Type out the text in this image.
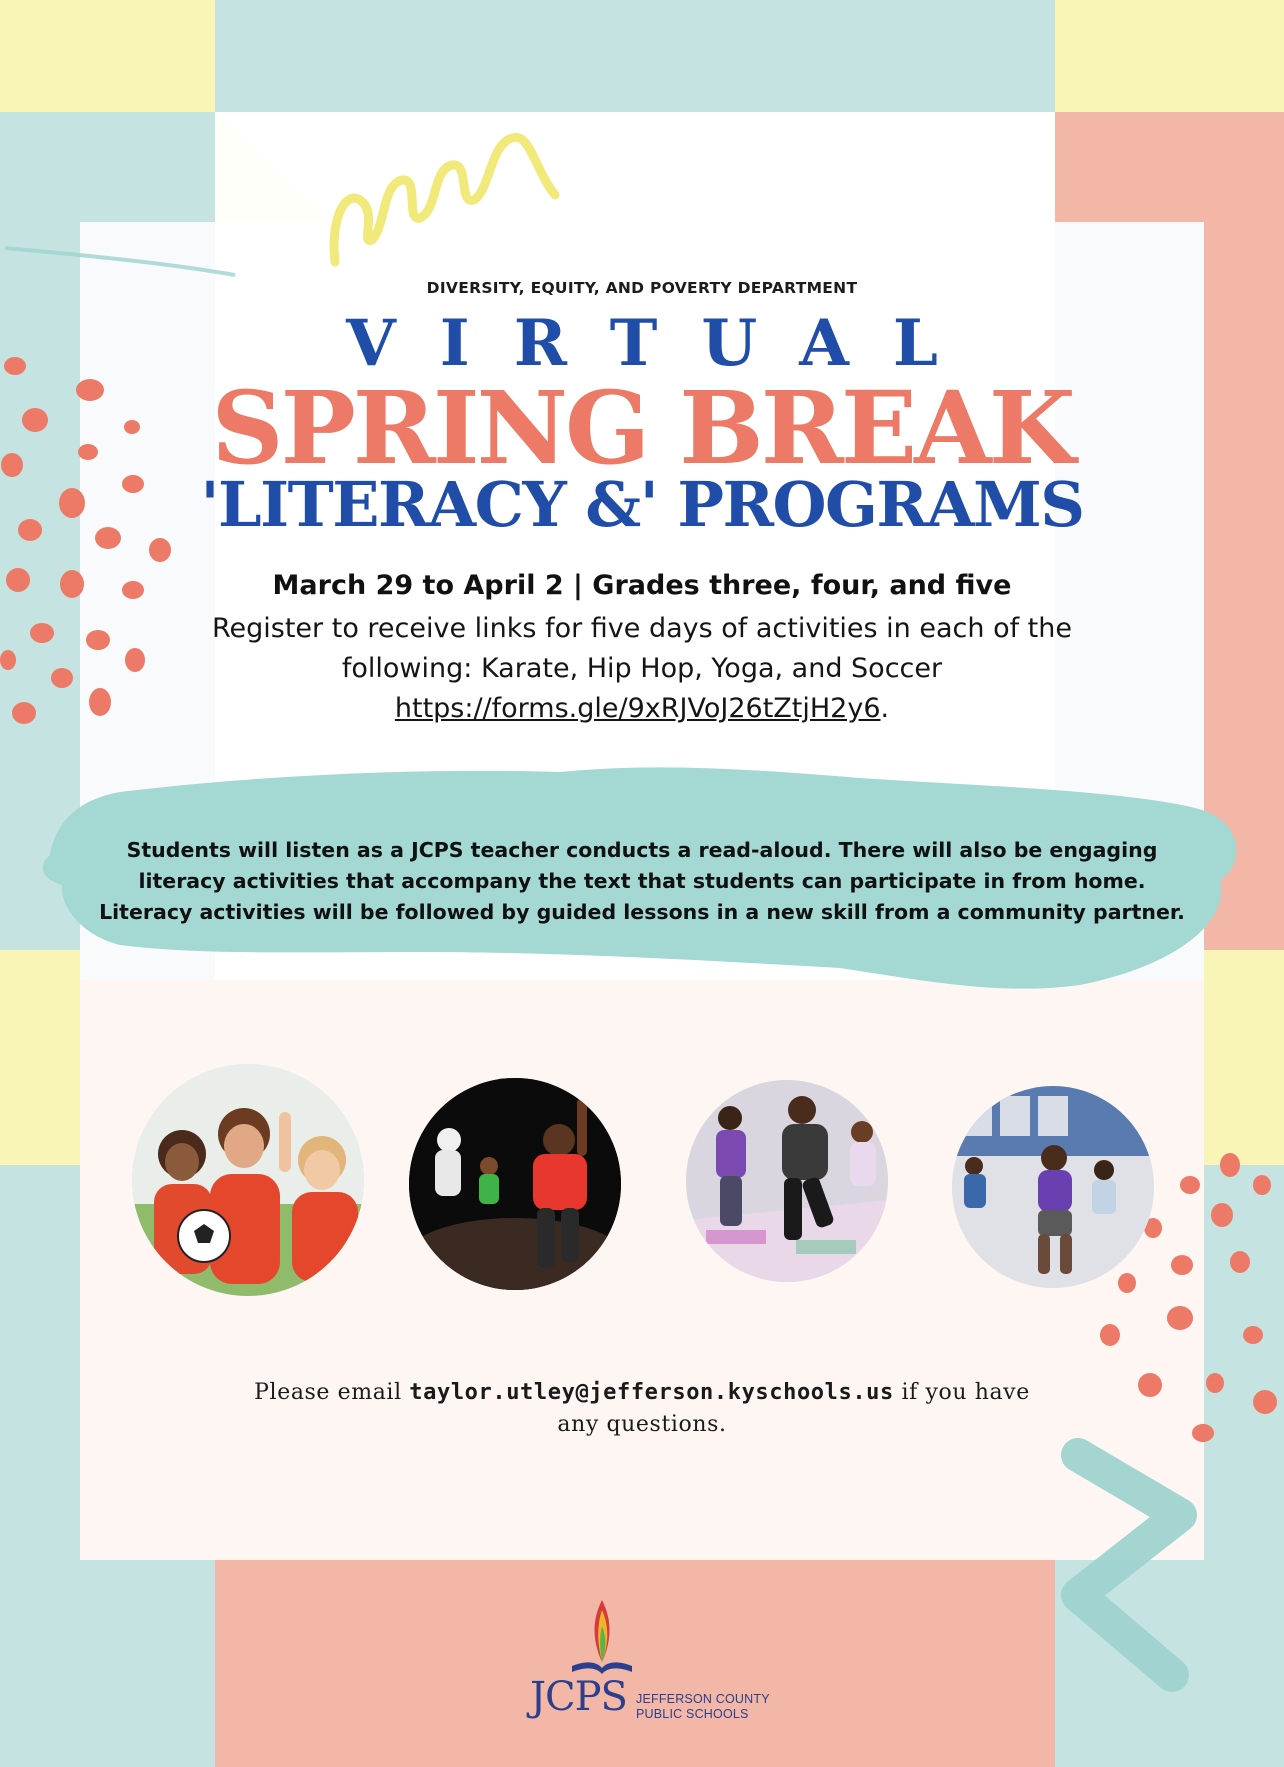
DIVERSITY, EQUITY, AND POVERTY DEPARTMENT
VIRTUAL
SPRING BREAK
'LITERACY &' PROGRAMS
March 29 to April 2 | Grades three, four, and five
Register to receive links for five days of activities in each of the following: Karate, Hip Hop, Yoga, and Soccer
https://forms.gle/9xRJVoJ26tZtjH2y6.
Students will listen as a JCPS teacher conducts a read-aloud. There will also be engaging literacy activities that accompany the text that students can participate in from home. Literacy activities will be followed by guided lessons in a new skill from a community partner.
Please email taylor.utley@jefferson.kyschools.us if you have any questions.
JCPS JEFFERSON COUNTY
PUBLIC SCHOOLS
